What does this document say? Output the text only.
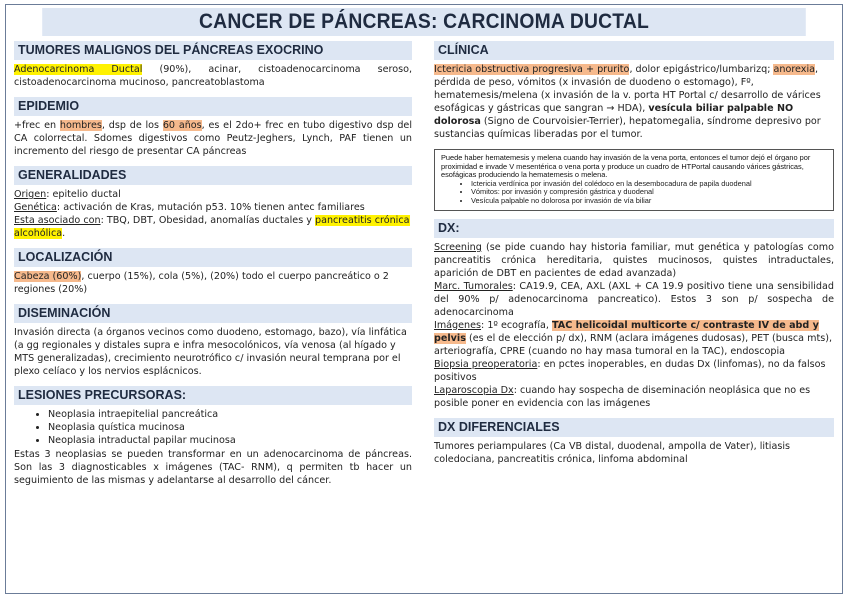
CANCER DE PÁNCREAS: CARCINOMA DUCTAL
TUMORES MALIGNOS DEL PÁNCREAS EXOCRINO

Adenocarcinoma Ductal (90%), acinar, cistoadenocarcinoma seroso, cistoadenocarcinoma mucinoso, pancreatoblastoma

EPIDEMIO

+frec en hombres, dsp de los 60 años, es el 2do+ frec en tubo digestivo dsp del CA colorrectal. Sdomes digestivos como Peutz-Jeghers, Lynch, PAF tienen un incremento del riesgo de presentar CA páncreas

GENERALIDADES

Origen: epitelio ductal

Genética: activación de Kras, mutación p53. 10% tienen antec familiares

Esta asociado con: TBQ, DBT, Obesidad, anomalías ductales y pancreatitis crónica alcohólica.

LOCALIZACIÓN

Cabeza (60%), cuerpo (15%), cola (5%), (20%) todo el cuerpo pancreático o 2 regiones (20%)

DISEMINACIÓN

Invasión directa (a órganos vecinos como duodeno, estomago, bazo), vía linfática (a gg regionales y distales supra e infra mesocolónicos, vía venosa (al hígado y MTS generalizadas), crecimiento neurotrófico c/ invasión neural temprana por el plexo celíaco y los nervios esplácnicos.

LESIONES PRECURSORAS:
• Neoplasia intraepitelial pancreática
• Neoplasia quística mucinosa
• Neoplasia intraductal papilar mucinosa

Estas 3 neoplasias se pueden transformar en un adenocarcinoma de páncreas. Son las 3 diagnosticables x imágenes (TAC- RNM), q permiten tb hacer un seguimiento de las mismas y adelantarse al desarrollo del cáncer.

CLÍNICA

Ictericia obstructiva progresiva + prurito, dolor epigástrico/lumbarizq; anorexia, pérdida de peso, vómitos (x invasión de duodeno o estomago), Fº, hematemesis/melena (x invasión de la v. porta HT Portal c/ desarrollo de várices esofágicas y gástricas que sangran → HDA), vesícula biliar palpable NO dolorosa (Signo de Courvoisier-Terrier), hepatomegalia, síndrome depresivo por sustancias químicas liberadas por el tumor.

Puede haber hematemesis y melena cuando hay invasión de la vena porta, entonces el tumor dejó el órgano por proximidad e invade V mesentérica o vena porta y produce un cuadro de HTPortal causando várices gástricas, esofágicas produciendo la hematemesis o melena.

• Ictericia verdínica por invasión del colédoco en la desembocadura de papila duodenal
• Vómitos: por invasión y compresión gástrica y duodenal
• Vesícula palpable no dolorosa por invasión de vía biliar
DX:

Screening (se pide cuando hay historia familiar, mut genética y patologías como pancreatitis crónica hereditaria, quistes mucinosos, quistes intraductales, aparición de DBT en pacientes de edad avanzada)

Marc. Tumorales: CA19.9, CEA, AXL (AXL + CA 19.9 positivo tiene una sensibilidad del 90% p/ adenocarcinoma pancreatico). Estos 3 son p/ sospecha de adenocarcinoma

Imágenes: 1º ecografía, TAC helicoidal multicorte c/ contraste IV de abd y pelvis (es el de elección p/ dx), RNM (aclara imágenes dudosas), PET (busca mts), arteriografía, CPRE (cuando no hay masa tumoral en la TAC), endoscopia

Biopsia preoperatoria: en pctes inoperables, en dudas Dx (linfomas), no da falsos positivos

Laparoscopia Dx: cuando hay sospecha de diseminación neoplásica que no es posible poner en evidencia con las imágenes

DX DIFERENCIALES

Tumores periampulares (Ca VB distal, duodenal, ampolla de Vater), litiasis coledociana, pancreatitis crónica, linfoma abdominal
